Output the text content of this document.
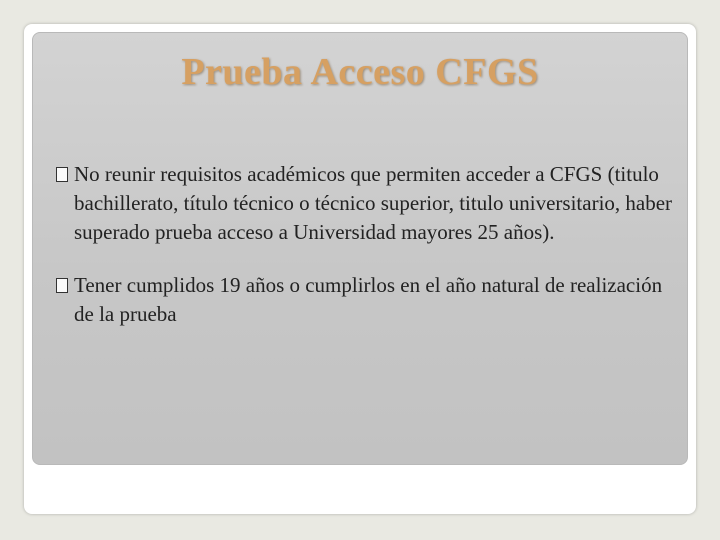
Prueba Acceso CFGS
No reunir requisitos académicos que permiten acceder a CFGS (titulo bachillerato, título técnico o técnico superior, titulo universitario, haber superado prueba acceso a Universidad mayores 25 años).
Tener cumplidos 19 años o cumplirlos en el año natural de realización de la prueba
